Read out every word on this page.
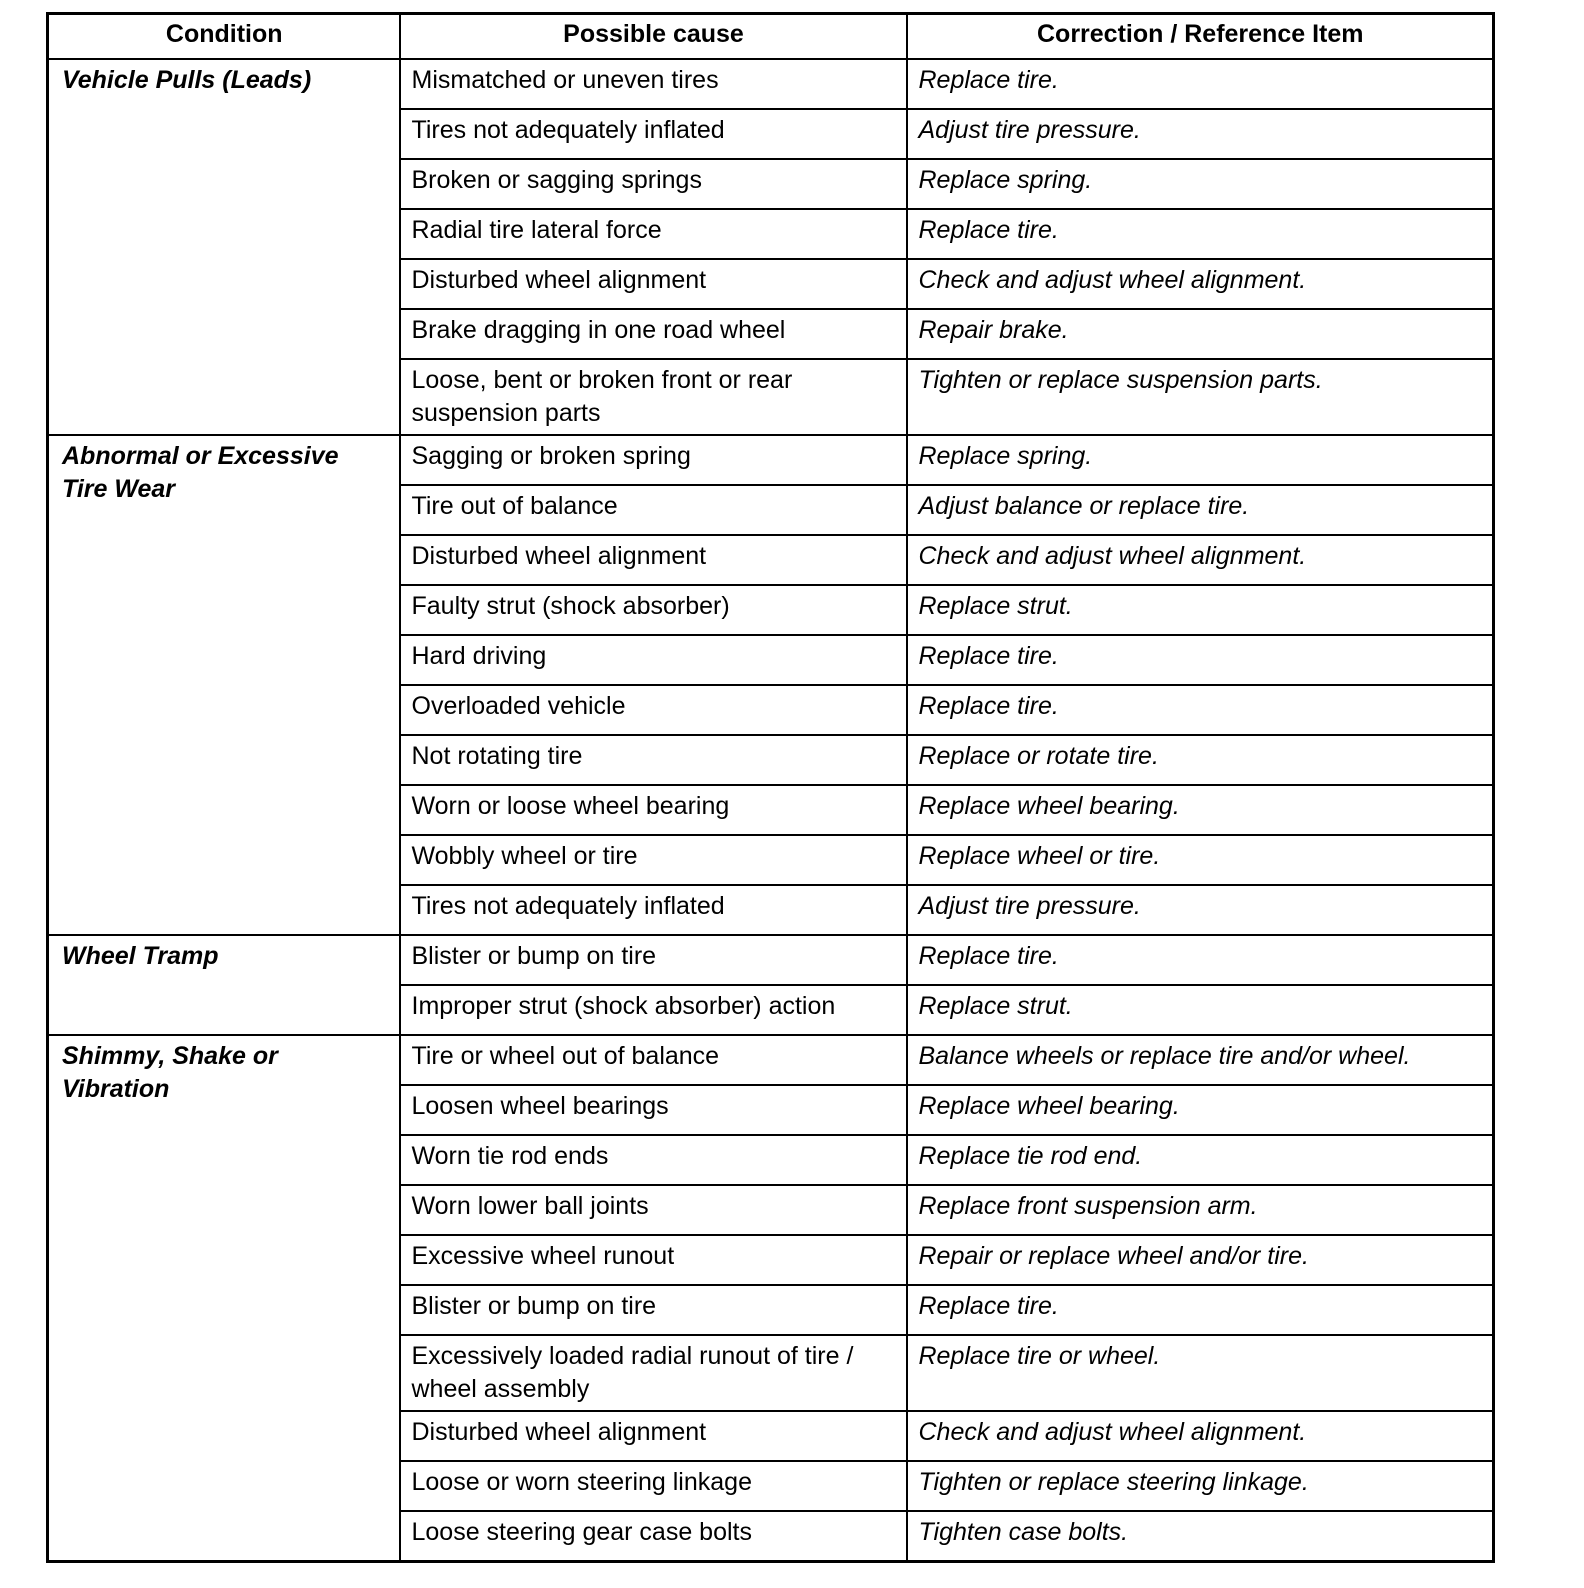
Condition	Possible cause	Correction / Reference Item
Vehicle Pulls (Leads)	Mismatched or uneven tires	Replace tire.
	Tires not adequately inflated	Adjust tire pressure.
	Broken or sagging springs	Replace spring.
	Radial tire lateral force	Replace tire.
	Disturbed wheel alignment	Check and adjust wheel alignment.
	Brake dragging in one road wheel	Repair brake.
	Loose, bent or broken front or rear suspension parts	Tighten or replace suspension parts.
Abnormal or Excessive Tire Wear	Sagging or broken spring	Replace spring.
	Tire out of balance	Adjust balance or replace tire.
	Disturbed wheel alignment	Check and adjust wheel alignment.
	Faulty strut (shock absorber)	Replace strut.
	Hard driving	Replace tire.
	Overloaded vehicle	Replace tire.
	Not rotating tire	Replace or rotate tire.
	Worn or loose wheel bearing	Replace wheel bearing.
	Wobbly wheel or tire	Replace wheel or tire.
	Tires not adequately inflated	Adjust tire pressure.
Wheel Tramp	Blister or bump on tire	Replace tire.
	Improper strut (shock absorber) action	Replace strut.
Shimmy, Shake or Vibration	Tire or wheel out of balance	Balance wheels or replace tire and/or wheel.
	Loosen wheel bearings	Replace wheel bearing.
	Worn tie rod ends	Replace tie rod end.
	Worn lower ball joints	Replace front suspension arm.
	Excessive wheel runout	Repair or replace wheel and/or tire.
	Blister or bump on tire	Replace tire.
	Excessively loaded radial runout of tire / wheel assembly	Replace tire or wheel.
	Disturbed wheel alignment	Check and adjust wheel alignment.
	Loose or worn steering linkage	Tighten or replace steering linkage.
	Loose steering gear case bolts	Tighten case bolts.
